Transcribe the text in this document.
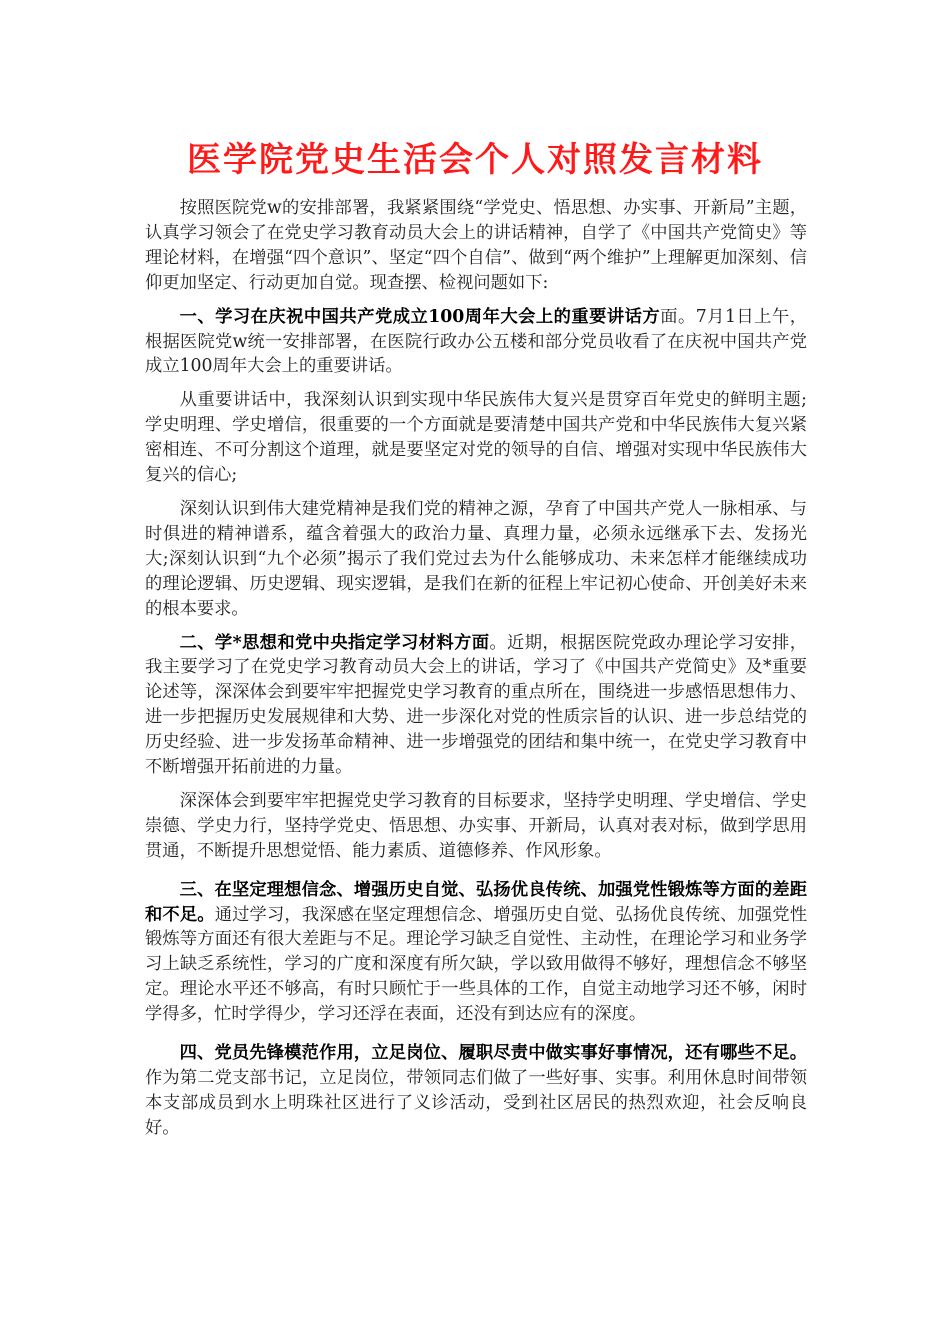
医学院党史生活会个人对照发言材料

按照医院党w的安排部署，我紧紧围绕“学党史、悟思想、办实事、开新局”主题，认真学习领会了在党史学习教育动员大会上的讲话精神，自学了《中国共产党简史》等理论材料，在增强“四个意识”、坚定“四个自信”、做到“两个维护”上理解更加深刻、信仰更加坚定、行动更加自觉。现查摆、检视问题如下:

一、学习在庆祝中国共产党成立100周年大会上的重要讲话方面。7月1日上午，根据医院党w统一安排部署，在医院行政办公五楼和部分党员收看了在庆祝中国共产党成立100周年大会上的重要讲话。

从重要讲话中，我深刻认识到实现中华民族伟大复兴是贯穿百年党史的鲜明主题;学史明理、学史增信，很重要的一个方面就是要清楚中国共产党和中华民族伟大复兴紧密相连、不可分割这个道理，就是要坚定对党的领导的自信、增强对实现中华民族伟大复兴的信心;

深刻认识到伟大建党精神是我们党的精神之源，孕育了中国共产党人一脉相承、与时俱进的精神谱系，蕴含着强大的政治力量、真理力量，必须永远继承下去、发扬光大;深刻认识到“九个必须”揭示了我们党过去为什么能够成功、未来怎样才能继续成功的理论逻辑、历史逻辑、现实逻辑，是我们在新的征程上牢记初心使命、开创美好未来的根本要求。

二、学*思想和党中央指定学习材料方面。近期，根据医院党政办理论学习安排，我主要学习了在党史学习教育动员大会上的讲话，学习了《中国共产党简史》及*重要论述等，深深体会到要牢牢把握党史学习教育的重点所在，围绕进一步感悟思想伟力、进一步把握历史发展规律和大势、进一步深化对党的性质宗旨的认识、进一步总结党的历史经验、进一步发扬革命精神、进一步增强党的团结和集中统一，在党史学习教育中不断增强开拓前进的力量。

深深体会到要牢牢把握党史学习教育的目标要求，坚持学史明理、学史增信、学史崇德、学史力行，坚持学党史、悟思想、办实事、开新局，认真对表对标，做到学思用贯通，不断提升思想觉悟、能力素质、道德修养、作风形象。

三、在坚定理想信念、增强历史自觉、弘扬优良传统、加强党性锻炼等方面的差距和不足。通过学习，我深感在坚定理想信念、增强历史自觉、弘扬优良传统、加强党性锻炼等方面还有很大差距与不足。理论学习缺乏自觉性、主动性，在理论学习和业务学习上缺乏系统性，学习的广度和深度有所欠缺，学以致用做得不够好，理想信念不够坚定。理论水平还不够高，有时只顾忙于一些具体的工作，自觉主动地学习还不够，闲时学得多，忙时学得少，学习还浮在表面，还没有到达应有的深度。

四、党员先锋模范作用，立足岗位、履职尽责中做实事好事情况，还有哪些不足。作为第二党支部书记，立足岗位，带领同志们做了一些好事、实事。利用休息时间带领本支部成员到水上明珠社区进行了义诊活动，受到社区居民的热烈欢迎，社会反响良好。
